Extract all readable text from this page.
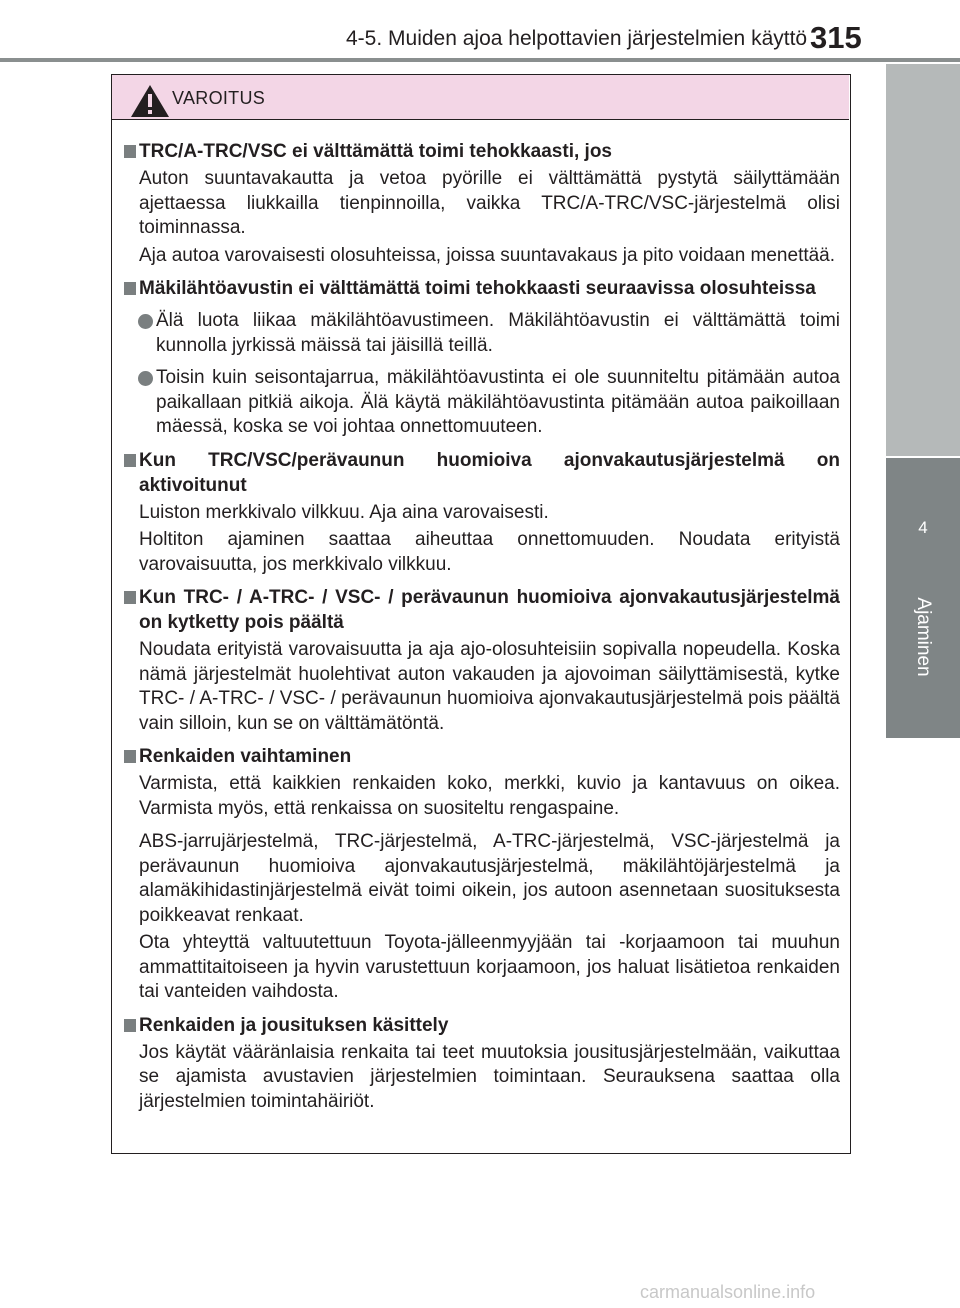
4-5. Muiden ajoa helpottavien järjestelmien käyttö 315
4
Ajaminen
VAROITUS
TRC/A-TRC/VSC ei välttämättä toimi tehokkaasti, jos
Auton suuntavakautta ja vetoa pyörille ei välttämättä pystytä säilyttämään ajettaessa liukkailla tienpinnoilla, vaikka TRC/A-TRC/VSC-järjestelmä olisi toiminnassa.
Aja autoa varovaisesti olosuhteissa, joissa suuntavakaus ja pito voidaan menettää.
Mäkilähtöavustin ei välttämättä toimi tehokkaasti seuraavissa olosuhteissa
Älä luota liikaa mäkilähtöavustimeen. Mäkilähtöavustin ei välttämättä toimi kunnolla jyrkissä mäissä tai jäisillä teillä.
Toisin kuin seisontajarrua, mäkilähtöavustinta ei ole suunniteltu pitämään autoa paikallaan pitkiä aikoja. Älä käytä mäkilähtöavustinta pitämään autoa paikoillaan mäessä, koska se voi johtaa onnettomuuteen.
Kun TRC/VSC/perävaunun huomioiva ajonvakautusjärjestelmä on aktivoitunut
Luiston merkkivalo vilkkuu. Aja aina varovaisesti.
Holtiton ajaminen saattaa aiheuttaa onnettomuuden. Noudata erityistä varovaisuutta, jos merkkivalo vilkkuu.
Kun TRC- / A-TRC- / VSC- / perävaunun huomioiva ajonvakautusjärjestelmä on kytketty pois päältä
Noudata erityistä varovaisuutta ja aja ajo-olosuhteisiin sopivalla nopeudella. Koska nämä järjestelmät huolehtivat auton vakauden ja ajovoiman säilyttämisestä, kytke TRC- / A-TRC- / VSC- / perävaunun huomioiva ajonvakautusjärjestelmä pois päältä vain silloin, kun se on välttämätöntä.
Renkaiden vaihtaminen
Varmista, että kaikkien renkaiden koko, merkki, kuvio ja kantavuus on oikea. Varmista myös, että renkaissa on suositeltu rengaspaine.
ABS-jarrujärjestelmä, TRC-järjestelmä, A-TRC-järjestelmä, VSC-järjestelmä ja perävaunun huomioiva ajonvakautusjärjestelmä, mäkilähtöjärjestelmä ja alamäkihidastinjärjestelmä eivät toimi oikein, jos autoon asennetaan suosituksesta poikkeavat renkaat.
Ota yhteyttä valtuutettuun Toyota-jälleenmyyjään tai -korjaamoon tai muuhun ammattitaitoiseen ja hyvin varustettuun korjaamoon, jos haluat lisätietoa renkaiden tai vanteiden vaihdosta.
Renkaiden ja jousituksen käsittely
Jos käytät vääränlaisia renkaita tai teet muutoksia jousitusjärjestelmään, vaikuttaa se ajamista avustavien järjestelmien toimintaan. Seurauksena saattaa olla järjestelmien toimintahäiriöt.
carmanualsonline.info
